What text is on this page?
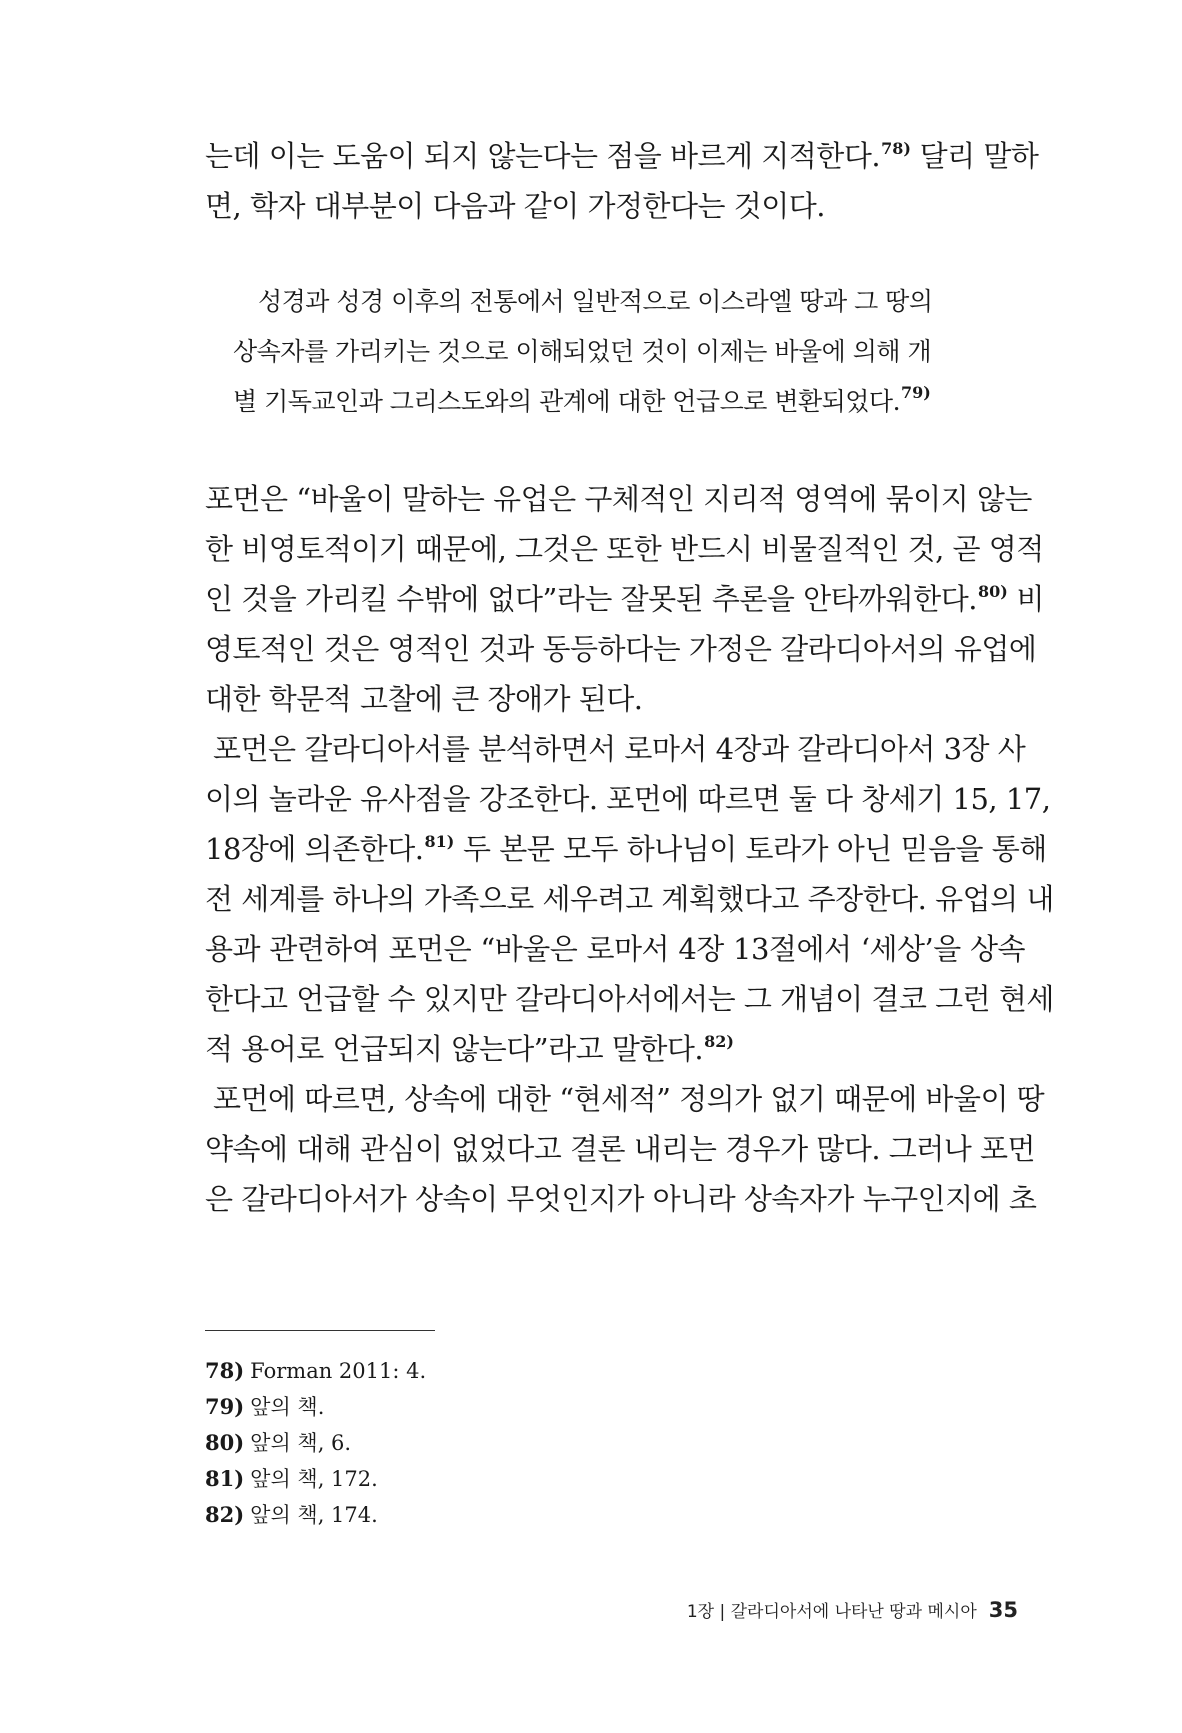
는데 이는 도움이 되지 않는다는 점을 바르게 지적한다.$^{78)}$ 달리 말하
면, 학자 대부분이 다음과 같이 가정한다는 것이다.
성경과 성경 이후의 전통에서 일반적으로 이스라엘 땅과 그 땅의
상속자를 가리키는 것으로 이해되었던 것이 이제는 바울에 의해 개
별 기독교인과 그리스도와의 관계에 대한 언급으로 변환되었다.$^{79)}$
포먼은 “바울이 말하는 유업은 구체적인 지리적 영역에 묶이지 않는
한 비영토적이기 때문에, 그것은 또한 반드시 비물질적인 것, 곧 영적
인 것을 가리킬 수밖에 없다”라는 잘못된 추론을 안타까워한다.$^{80)}$ 비
영토적인 것은 영적인 것과 동등하다는 가정은 갈라디아서의 유업에
대한 학문적 고찰에 큰 장애가 된다.
포먼은 갈라디아서를 분석하면서 로마서 4장과 갈라디아서 3장 사
이의 놀라운 유사점을 강조한다. 포먼에 따르면 둘 다 창세기 15, 17,
18장에 의존한다.$^{81)}$ 두 본문 모두 하나님이 토라가 아닌 믿음을 통해
전 세계를 하나의 가족으로 세우려고 계획했다고 주장한다. 유업의 내
용과 관련하여 포먼은 “바울은 로마서 4장 13절에서 ‘세상’을 상속
한다고 언급할 수 있지만 갈라디아서에서는 그 개념이 결코 그런 현세
적 용어로 언급되지 않는다”라고 말한다.$^{82)}$
포먼에 따르면, 상속에 대한 “현세적” 정의가 없기 때문에 바울이 땅
약속에 대해 관심이 없었다고 결론 내리는 경우가 많다. 그러나 포먼
은 갈라디아서가 상속이 무엇인지가 아니라 상속자가 누구인지에 초
78) Forman 2011: 4.
79) 앞의 책.
80) 앞의 책, 6.
81) 앞의 책, 172.
82) 앞의 책, 174.
1장 | 갈라디아서에 나타난 땅과 메시아 35
